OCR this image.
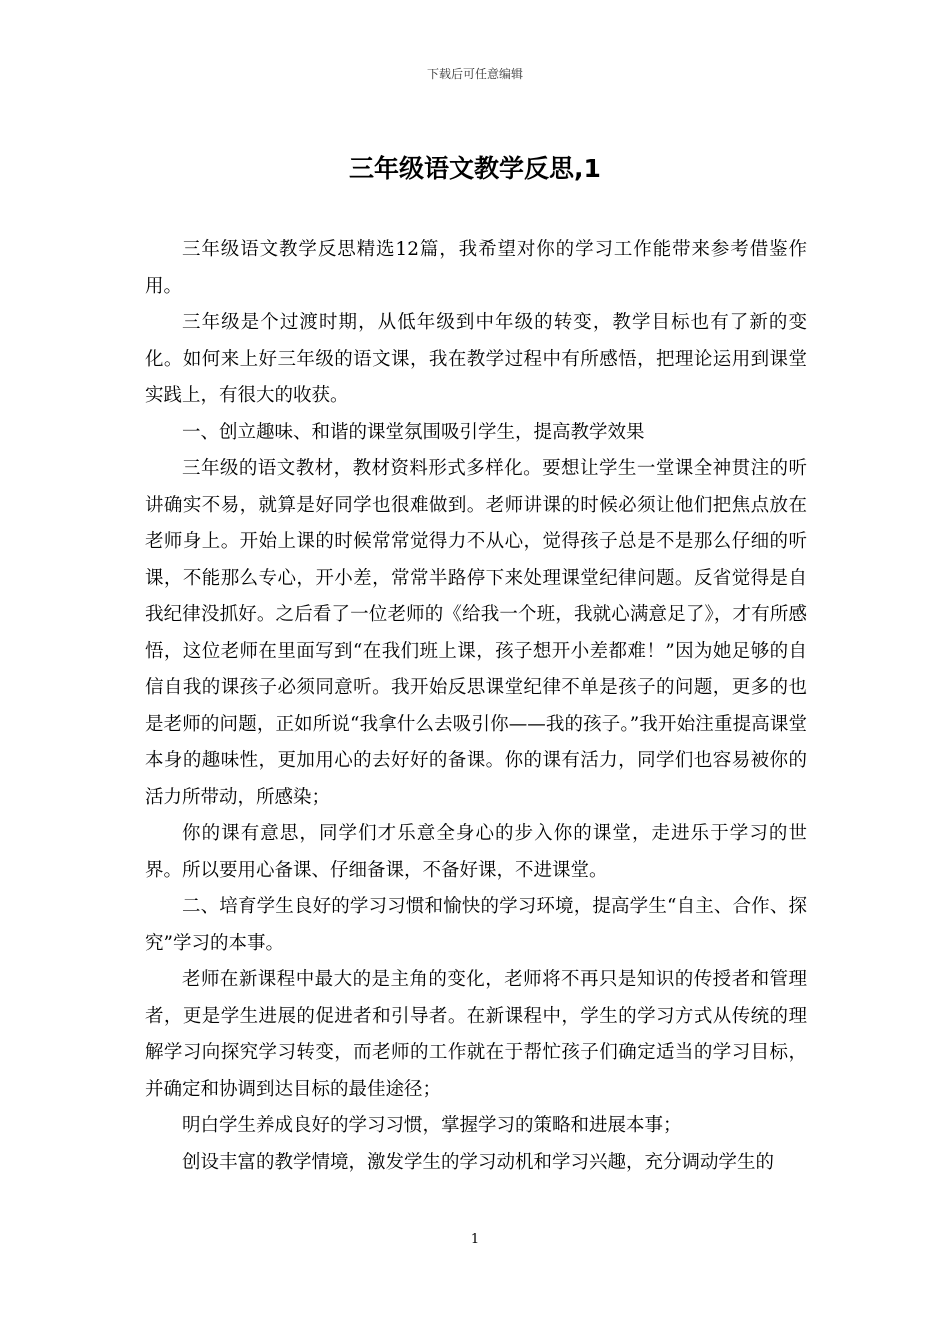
下载后可任意编辑
三年级语文教学反思,1

三年级语文教学反思精选12篇，我希望对你的学习工作能带来参考借鉴作用。

三年级是个过渡时期，从低年级到中年级的转变，教学目标也有了新的变化。如何来上好三年级的语文课，我在教学过程中有所感悟，把理论运用到课堂实践上，有很大的收获。

一、创立趣味、和谐的课堂氛围吸引学生，提高教学效果

三年级的语文教材，教材资料形式多样化。要想让学生一堂课全神贯注的听讲确实不易，就算是好同学也很难做到。老师讲课的时候必须让他们把焦点放在老师身上。开始上课的时候常常觉得力不从心，觉得孩子总是不是那么仔细的听课，不能那么专心，开小差，常常半路停下来处理课堂纪律问题。反省觉得是自我纪律没抓好。之后看了一位老师的《给我一个班，我就心满意足了》，才有所感悟，这位老师在里面写到“在我们班上课，孩子想开小差都难！”因为她足够的自信自我的课孩子必须同意听。我开始反思课堂纪律不单是孩子的问题，更多的也是老师的问题，正如所说“我拿什么去吸引你——我的孩子。”我开始注重提高课堂本身的趣味性，更加用心的去好好的备课。你的课有活力，同学们也容易被你的活力所带动，所感染；

你的课有意思，同学们才乐意全身心的步入你的课堂，走进乐于学习的世界。所以要用心备课、仔细备课，不备好课，不进课堂。

二、培育学生良好的学习习惯和愉快的学习环境，提高学生“自主、合作、探究”学习的本事。

老师在新课程中最大的是主角的变化，老师将不再只是知识的传授者和管理者，更是学生进展的促进者和引导者。在新课程中，学生的学习方式从传统的理解学习向探究学习转变，而老师的工作就在于帮忙孩子们确定适当的学习目标，并确定和协调到达目标的最佳途径；

明白学生养成良好的学习习惯，掌握学习的策略和进展本事；

创设丰富的教学情境，激发学生的学习动机和学习兴趣，充分调动学生的

1
